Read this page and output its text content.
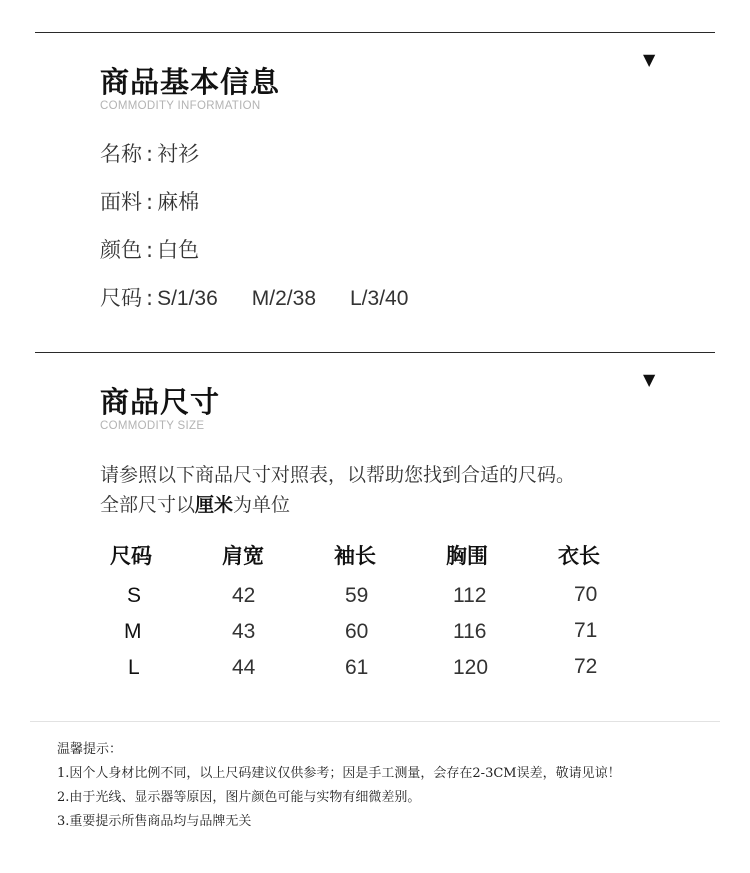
▼
商品基本信息
COMMODITY INFORMATION
名称 : 衬衫
面料 : 麻棉
颜色 : 白色
尺码 : S/1/36 M/2/38 L/3/40
▼
商品尺寸
COMMODITY SIZE
请参照以下商品尺寸对照表，以帮助您找到合适的尺码。
全部尺寸以厘米为单位
尺码	肩宽	袖长	胸围	衣长
S	42	59	112	70
M	43	60	116	71
L	44	61	120	72
温馨提示：
1.因个人身材比例不同，以上尺码建议仅供参考；因是手工测量，会存在2-3CM误差，敬请见谅！
2.由于光线、显示器等原因，图片颜色可能与实物有细微差别。
3.重要提示所售商品均与品牌无关
